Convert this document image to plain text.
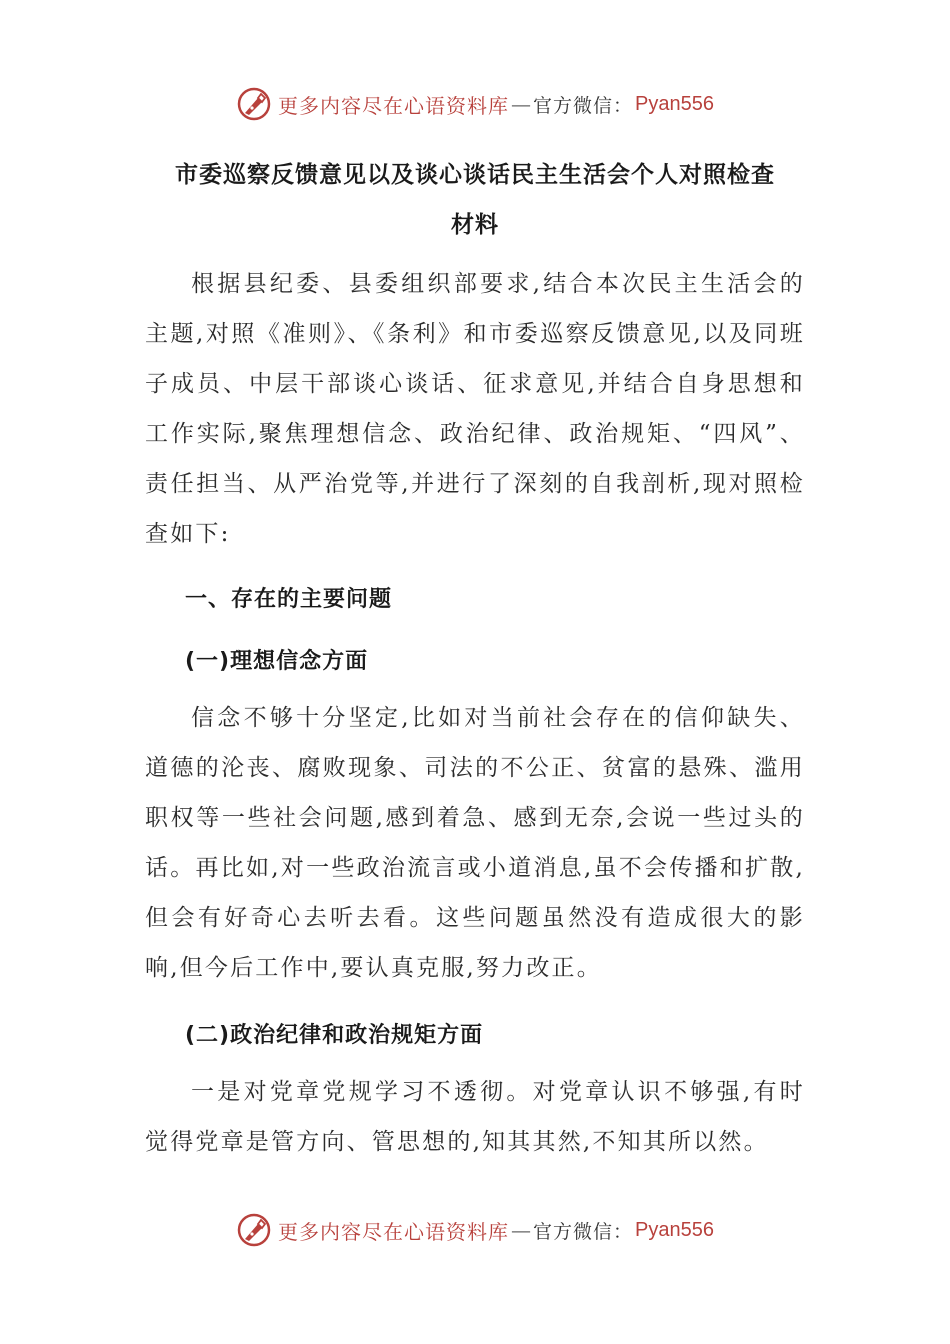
更多内容尽在心语资料库 — 官方微信： Pyan556
市委巡察反馈意见以及谈心谈话民主生活会个人对照检查
材料

根据县纪委、县委组织部要求,结合本次民主生活会的主题,对照《准则》、《条利》和市委巡察反馈意见,以及同班子成员、中层干部谈心谈话、征求意见,并结合自身思想和工作实际,聚焦理想信念、政治纪律、政治规矩、“四风”、责任担当、从严治党等,并进行了深刻的自我剖析,现对照检查如下:

一、存在的主要问题
(一)理想信念方面

信念不够十分坚定,比如对当前社会存在的信仰缺失、道德的沦丧、腐败现象、司法的不公正、贫富的悬殊、滥用职权等一些社会问题,感到着急、感到无奈,会说一些过头的话。再比如,对一些政治流言或小道消息,虽不会传播和扩散,但会有好奇心去听去看。这些问题虽然没有造成很大的影响,但今后工作中,要认真克服,努力改正。

(二)政治纪律和政治规矩方面

一是对党章党规学习不透彻。对党章认识不够强,有时觉得党章是管方向、管思想的,知其其然,不知其所以然。

更多内容尽在心语资料库 — 官方微信： Pyan556
